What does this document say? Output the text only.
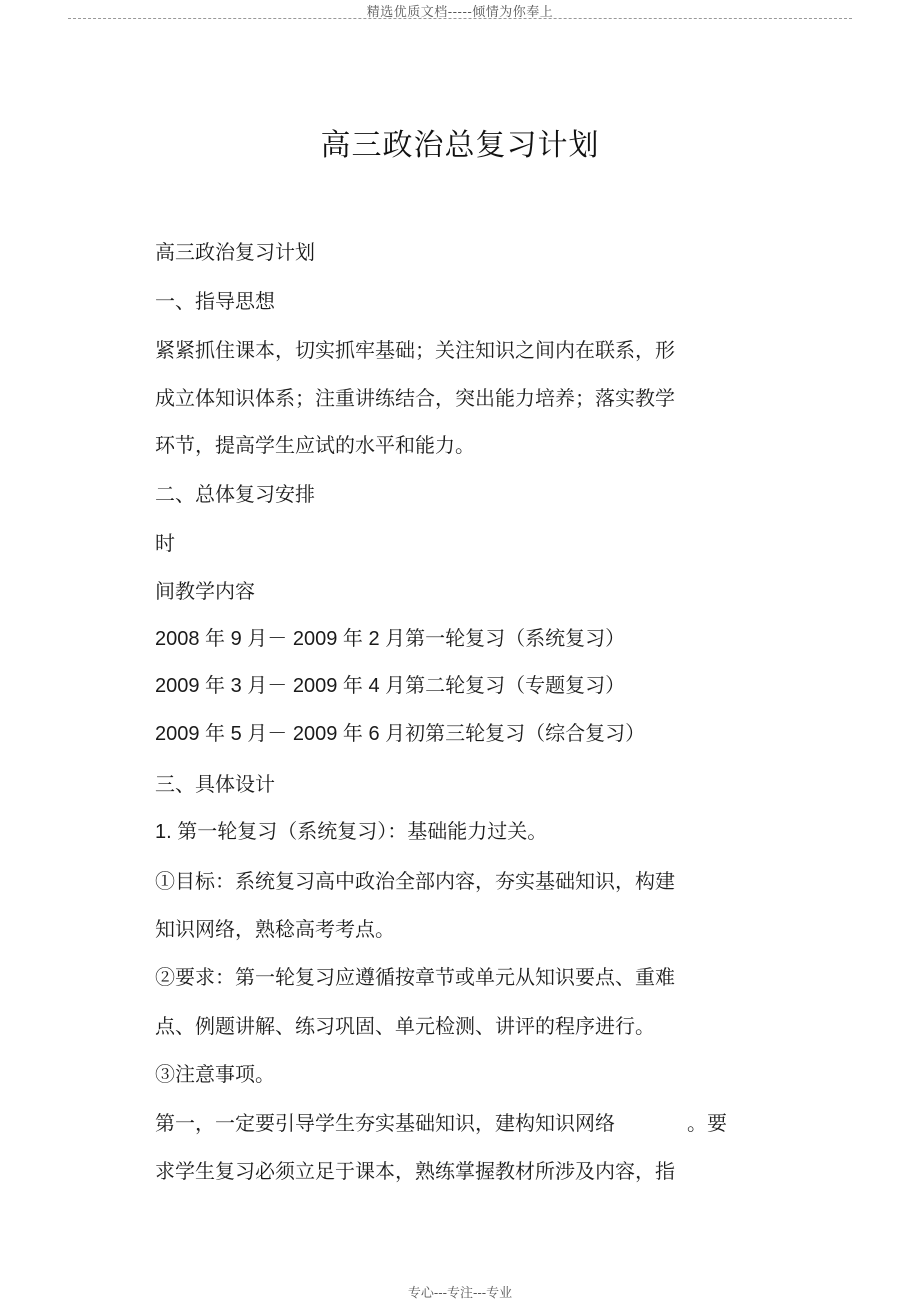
精选优质文档-----倾情为你奉上
高三政治总复习计划
高三政治复习计划
一、指导思想
紧紧抓住课本，切实抓牢基础；关注知识之间内在联系，形
成立体知识体系；注重讲练结合，突出能力培养；落实教学
环节，提高学生应试的水平和能力。
二、总体复习安排
时
间教学内容
2008 年 9 月－ 2009 年 2 月第一轮复习（系统复习）
2009 年 3 月－ 2009 年 4 月第二轮复习（专题复习）
2009 年 5 月－ 2009 年 6 月初第三轮复习（综合复习）
三、具体设计
1. 第一轮复习（系统复习）：基础能力过关。
①目标：系统复习高中政治全部内容，夯实基础知识，构建
知识网络，熟稔高考考点。
②要求：第一轮复习应遵循按章节或单元从知识要点、重难
点、例题讲解、练习巩固、单元检测、讲评的程序进行。
③注意事项。
第一，一定要引导学生夯实基础知识，建构知识网络	。要
求学生复习必须立足于课本，熟练掌握教材所涉及内容，指
专心---专注---专业
